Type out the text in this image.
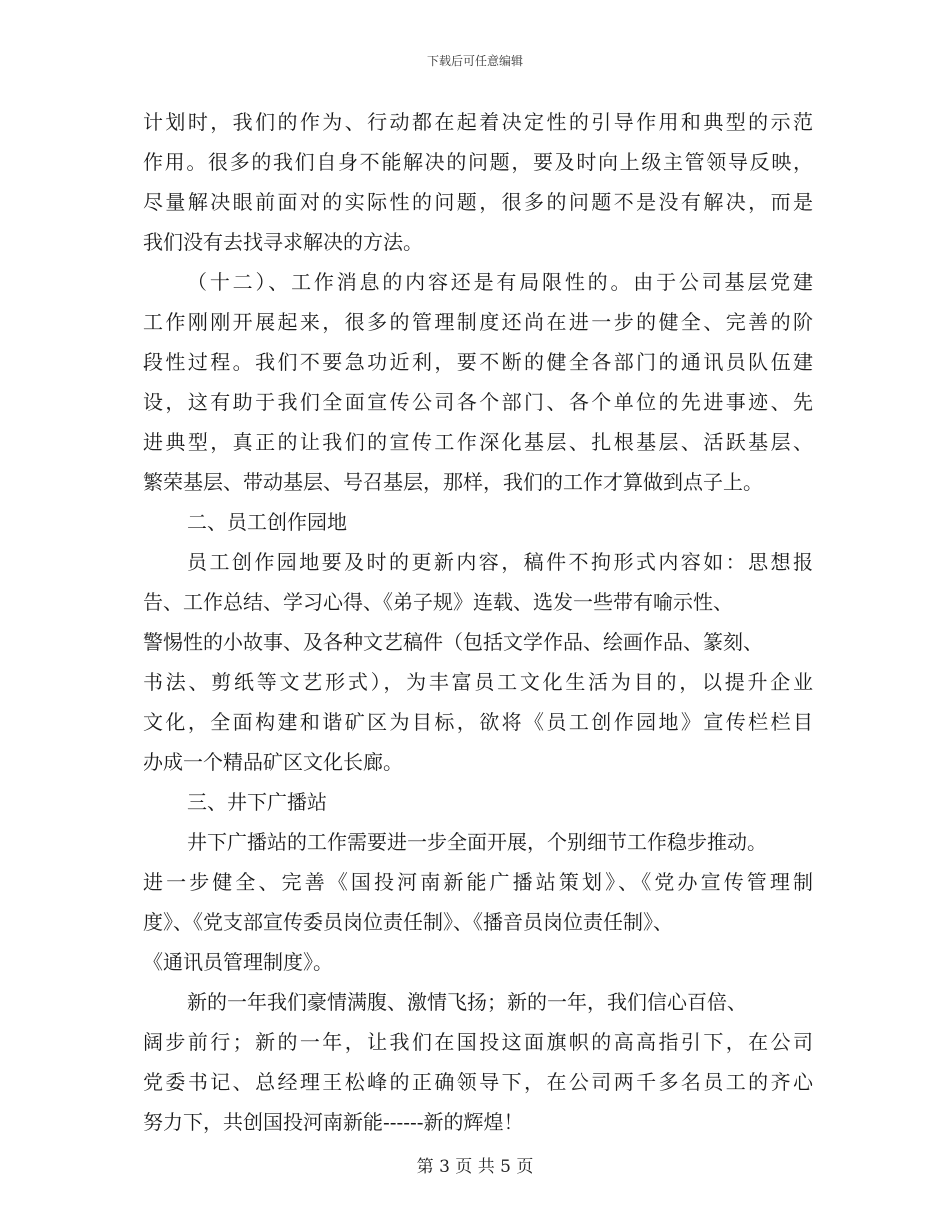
下载后可任意编辑
计划时，我们的作为、行动都在起着决定性的引导作用和典型的示范
作用。很多的我们自身不能解决的问题，要及时向上级主管领导反映，
尽量解决眼前面对的实际性的问题，很多的问题不是没有解决，而是
我们没有去找寻求解决的方法。
（十二）、工作消息的内容还是有局限性的。由于公司基层党建
工作刚刚开展起来，很多的管理制度还尚在进一步的健全、完善的阶
段性过程。我们不要急功近利，要不断的健全各部门的通讯员队伍建
设，这有助于我们全面宣传公司各个部门、各个单位的先进事迹、先
进典型，真正的让我们的宣传工作深化基层、扎根基层、活跃基层、
繁荣基层、带动基层、号召基层，那样，我们的工作才算做到点子上。
二、员工创作园地
员工创作园地要及时的更新内容，稿件不拘形式内容如：思想报
告、工作总结、学习心得、《弟子规》连载、选发一些带有喻示性、
警惕性的小故事、及各种文艺稿件（包括文学作品、绘画作品、篆刻、
书法、剪纸等文艺形式），为丰富员工文化生活为目的，以提升企业
文化，全面构建和谐矿区为目标，欲将《员工创作园地》宣传栏栏目
办成一个精品矿区文化长廊。
三、井下广播站
井下广播站的工作需要进一步全面开展，个别细节工作稳步推动。
进一步健全、完善《国投河南新能广播站策划》、《党办宣传管理制
度》、《党支部宣传委员岗位责任制》、《播音员岗位责任制》、
《通讯员管理制度》。
新的一年我们豪情满腹、激情飞扬；新的一年，我们信心百倍、
阔步前行；新的一年，让我们在国投这面旗帜的高高指引下，在公司
党委书记、总经理王松峰的正确领导下，在公司两千多名员工的齐心
努力下，共创国投河南新能------新的辉煌！
第 3 页 共 5 页
